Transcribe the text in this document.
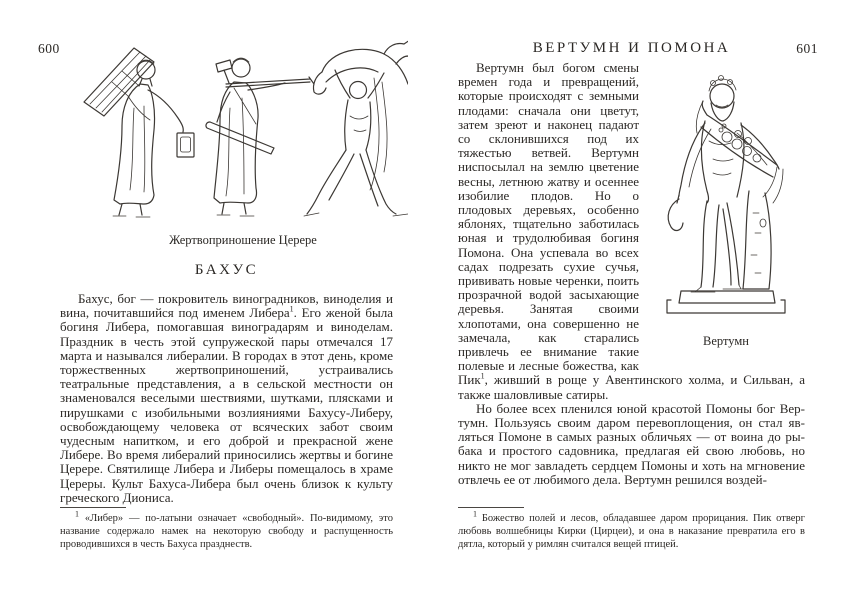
600
Жертвоприношение Церере
БАХУС

Бахус, бог — покровитель виноградников, виноделия и вина, почитавшийся под именем Либера$^1$. Его женой была богиня Либера, помогавшая виноградарям и виноделам. Праздник в честь этой супружеской пары отмечался 17 марта и назывался либералии. В городах в этот день, кроме торжественных жертвоприношений, устраивались театральные представления, а в сельской местности он знаменовался веселыми шествиями, шутками, плясками и пирушками с изобильными возлияниями Бахусу-Либеру, освобождающему человека от всяческих забот своим чудесным напитком, и его доброй и прекрасной жене Либере. Во время либералий приносились жертвы и богине Церере. Святилище Либера и Либеры помещалось в храме Цереры. Культ Бахуса-Либера был очень близок к культу греческого Диониса.

$^1$ «Либер» — по-латыни означает «свободный». По-видимому, это название содержало намек на некоторую свободу и распущенность проводившихся в честь Бахуса празднеств.

ВЕРТУМН И ПОМОНА	601
Вертумн

Вертумн был богом смены времен года и превращений, которые происходят с земными плодами: сначала они цветут, затем зреют и наконец падают со склонившихся под их тяжестью ветвей. Вертумн ниспосылал на землю цветение весны, летнюю жатву и осеннее изобилие плодов. Но о плодовых деревьях, особенно яблонях, тщательно заботилась юная и трудолюбивая богиня Помона. Она успевала во всех садах подрезать сухие сучья, прививать новые черенки, поить прозрачной водой засыхающие деревья. Занятая своими хлопотами, она совершенно не замечала, как старались привлечь ее внимание такие полевые и лесные божества, как Пик$^1$, живший в роще у Авентинского холма, и Сильван, а также шаловливые сатиры.

Но более всех пленился юной красотой Помоны бог Вертумн. Пользуясь своим даром перевоплощения, он стал являться Помоне в самых разных обличьях — от воина до рыбака и простого садовника, предлагая ей свою любовь, но никто не мог завладеть сердцем Помоны и хоть на мгновение отвлечь ее от любимого дела. Вертумн решился воздей-

$^1$ Божество полей и лесов, обладавшее даром прорицания. Пик отверг любовь волшебницы Кирки (Цирцеи), и она в наказание превратила его в дятла, который у римлян считался вещей птицей.
